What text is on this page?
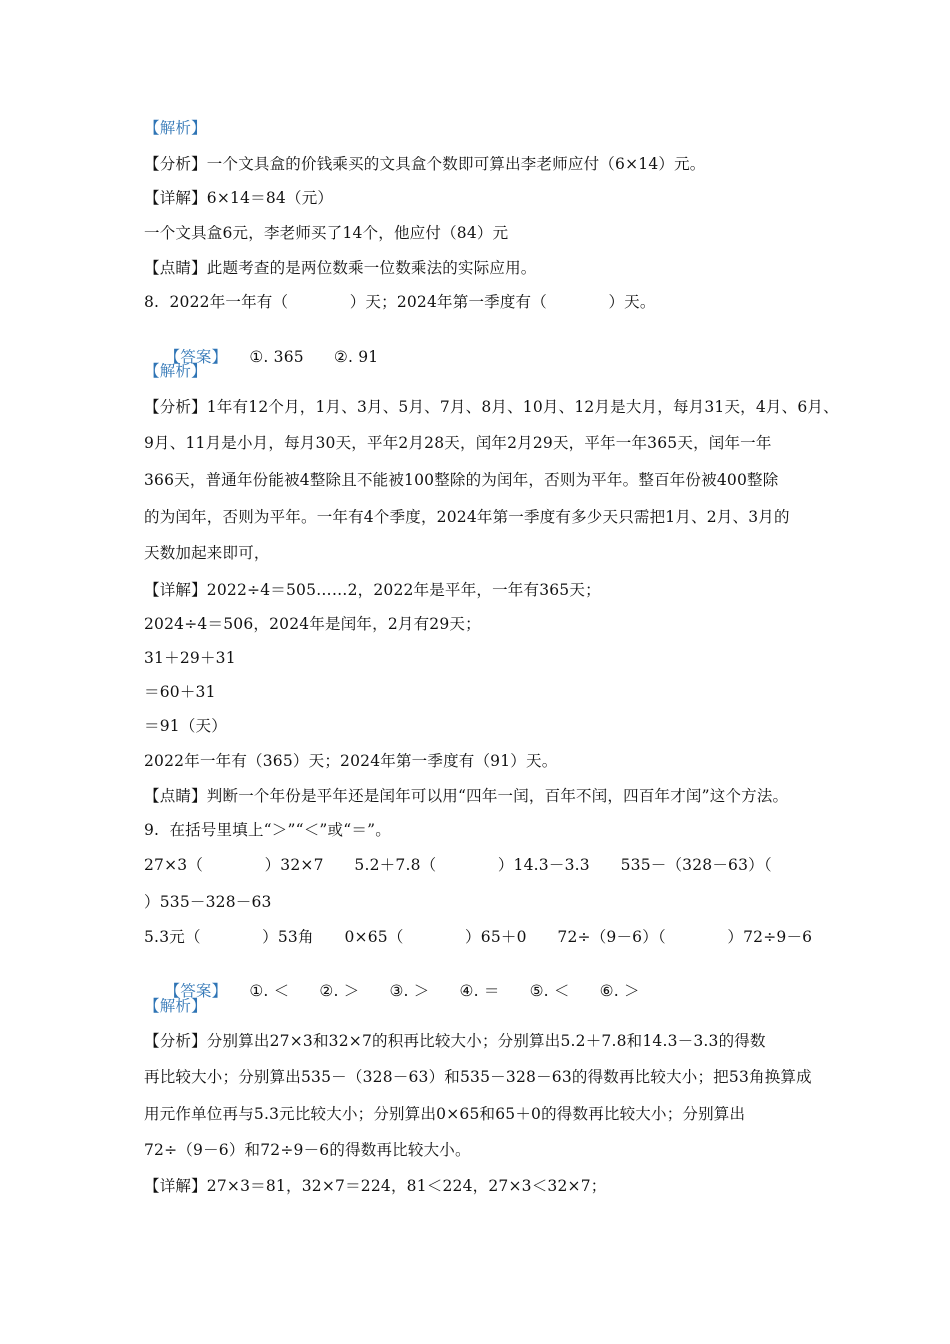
【解析】
【分析】一个文具盒的价钱乘买的文具盒个数即可算出李老师应付（6×14）元。
【详解】6×14＝84（元）
一个文具盒6元，李老师买了14个，他应付（84）元
【点睛】此题考查的是两位数乘一位数乘法的实际应用。
8.  2022年一年有（            ）天；2024年第一季度有（            ）天。

【答案】 ①. 365 ②. 91

【解析】
【分析】1年有12个月，1月、3月、5月、7月、8月、10月、12月是大月，每月31天，4月、6月、
9月、11月是小月，每月30天，平年2月28天，闰年2月29天，平年一年365天，闰年一年
366天，普通年份能被4整除且不能被100整除的为闰年，否则为平年。整百年份被400整除
的为闰年，否则为平年。一年有4个季度，2024年第一季度有多少天只需把1月、2月、3月的
天数加起来即可，
【详解】2022÷4＝505……2，2022年是平年，一年有365天；
2024÷4＝506，2024年是闰年，2月有29天；
31＋29＋31
＝60＋31
＝91（天）
2022年一年有（365）天；2024年第一季度有（91）天。
【点睛】判断一个年份是平年还是闰年可以用“四年一闰，百年不闰，四百年才闰”这个方法。
9.  在括号里填上“＞”“＜”或“＝”。
27×3（            ）32×7      5.2＋7.8（            ）14.3－3.3      535－（328－63）（
）535－328－63
5.3元（            ）53角      0×65（            ）65＋0      72÷（9－6）（            ）72÷9－6

【答案】 ①. ＜ ②. ＞ ③. ＞ ④. ＝ ⑤. ＜ ⑥. ＞

【解析】
【分析】分别算出27×3和32×7的积再比较大小；分别算出5.2＋7.8和14.3－3.3的得数
再比较大小；分别算出535－（328－63）和535－328－63的得数再比较大小；把53角换算成
用元作单位再与5.3元比较大小；分别算出0×65和65＋0的得数再比较大小；分别算出
72÷（9－6）和72÷9－6的得数再比较大小。
【详解】27×3＝81，32×7＝224，81＜224，27×3＜32×7；
